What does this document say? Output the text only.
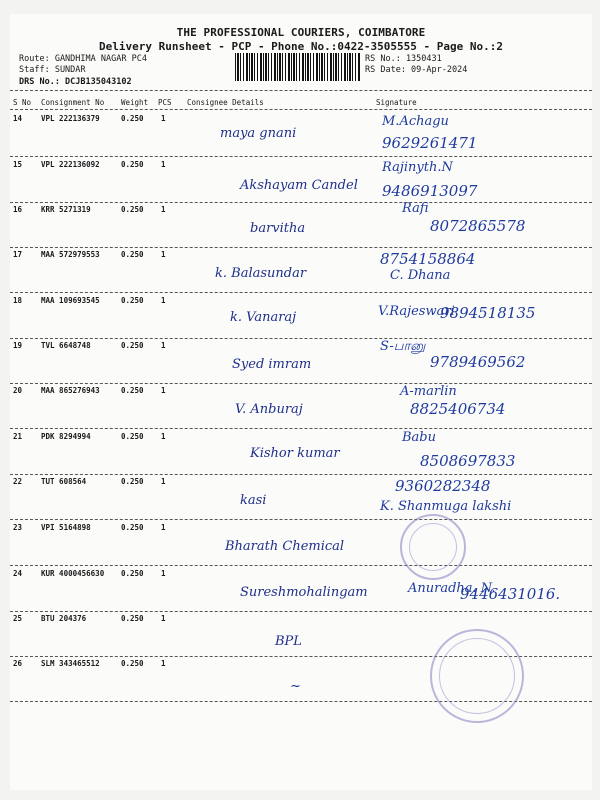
THE PROFESSIONAL COURIERS, COIMBATORE
Delivery Runsheet - PCP - Phone No.:0422-3505555 - Page No.:2
Route: GANDHIMA NAGAR PC4
Staff: SUNDAR
DRS No.: DCJB135043102
RS No.: 1350431
RS Date: 09-Apr-2024
S No Consignment No Weight PCS Consignee Details	Signature
14	VPL 222136379	0.250 1
maya gnani
M.Achagu
9629261471
15	VPL 222136092	0.250 1
Akshayam Candel
Rajinyth.N
9486913097
16	KRR 5271319	0.250 1
barvitha
Rafi
8072865578
17	MAA 572979553	0.250 1
k. Balasundar	C. Dhana
8754158864
18	MAA 109693545	0.250 1
k. Vanaraj	V.Rajeswari
9894518135
19	TVL 6648748	0.250 1
Syed imram
S-பானு
9789469562
20	MAA 865276943	0.250 1
V. Anburaj
A-marlin
8825406734
21	PDK 8294994	0.250 1
Kishor kumar
Babu
8508697833
22	TUT 608564	0.250 1
kasi	K. Shanmuga lakshi
9360282348
23	VPI 5164898	0.250 1
Bharath Chemical
24	KUR 4000456630 0.250 1
Sureshmohalingam	Anuradha. N.
9446431016.
25	BTU 204376	0.250 1
BPL
26	SLM 343465512	0.250 1
~
